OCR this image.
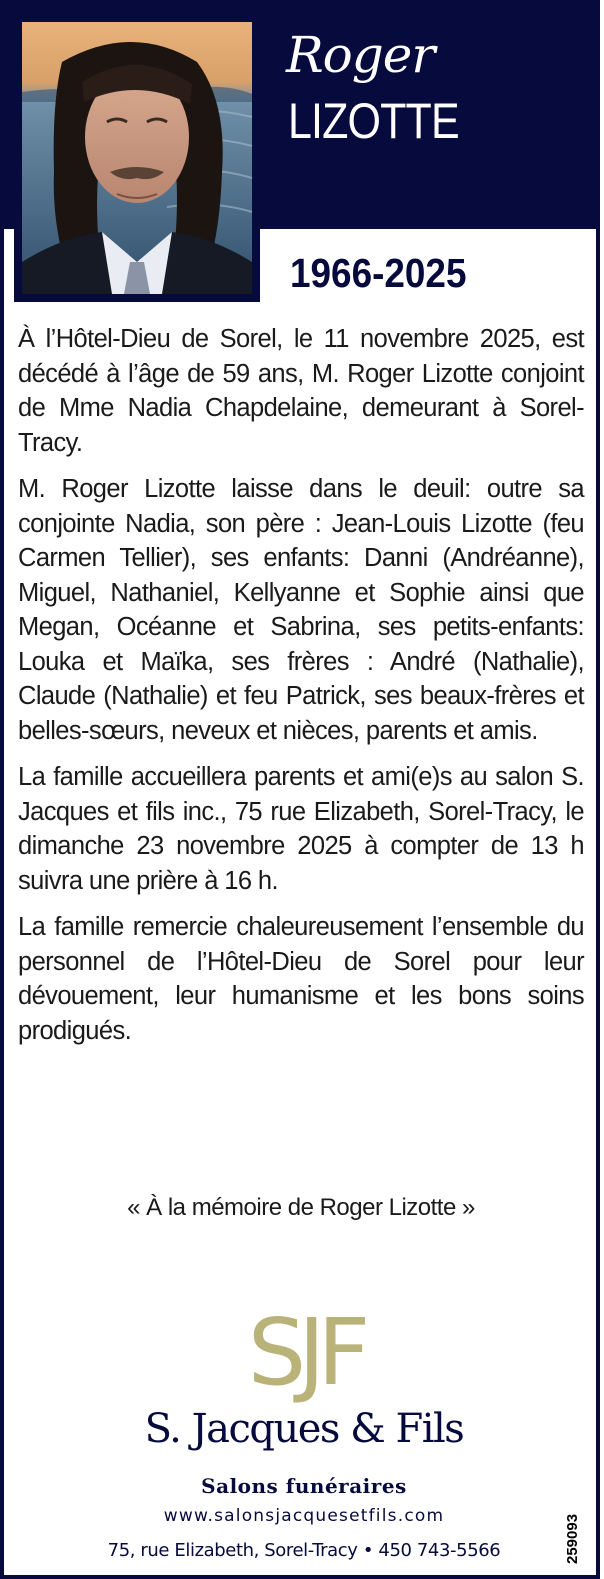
Roger
LIZOTTE
1966-2025

À l’Hôtel-Dieu de Sorel, le 11 novembre 2025, est décédé à l’âge de 59 ans, M. Roger Lizotte conjoint de Mme Nadia Chapdelaine, demeurant à Sorel-Tracy.

M. Roger Lizotte laisse dans le deuil: outre sa conjointe Nadia, son père : Jean-Louis Lizotte (feu Carmen Tellier), ses enfants: Danni (Andréanne), Miguel, Nathaniel, Kellyanne et Sophie ainsi que Megan, Océanne et Sabrina, ses petits-enfants: Louka et Maïka, ses frères : André (Nathalie), Claude (Nathalie) et feu Patrick, ses beaux-frères et belles-sœurs, neveux et nièces, parents et amis.

La famille accueillera parents et ami(e)s au salon S. Jacques et fils inc., 75 rue Elizabeth, Sorel-Tracy, le dimanche 23 novembre 2025 à compter de 13 h suivra une prière à 16 h.

La famille remercie chaleureusement l’ensemble du personnel de l’Hôtel-Dieu de Sorel pour leur dévouement, leur humanisme et les bons soins prodigués.

« À la mémoire de Roger Lizotte »
SJF
S. Jacques & Fils
Salons funéraires
www.salonsjacquesetfils.com
75, rue Elizabeth, Sorel-Tracy • 450 743-5566	259093
